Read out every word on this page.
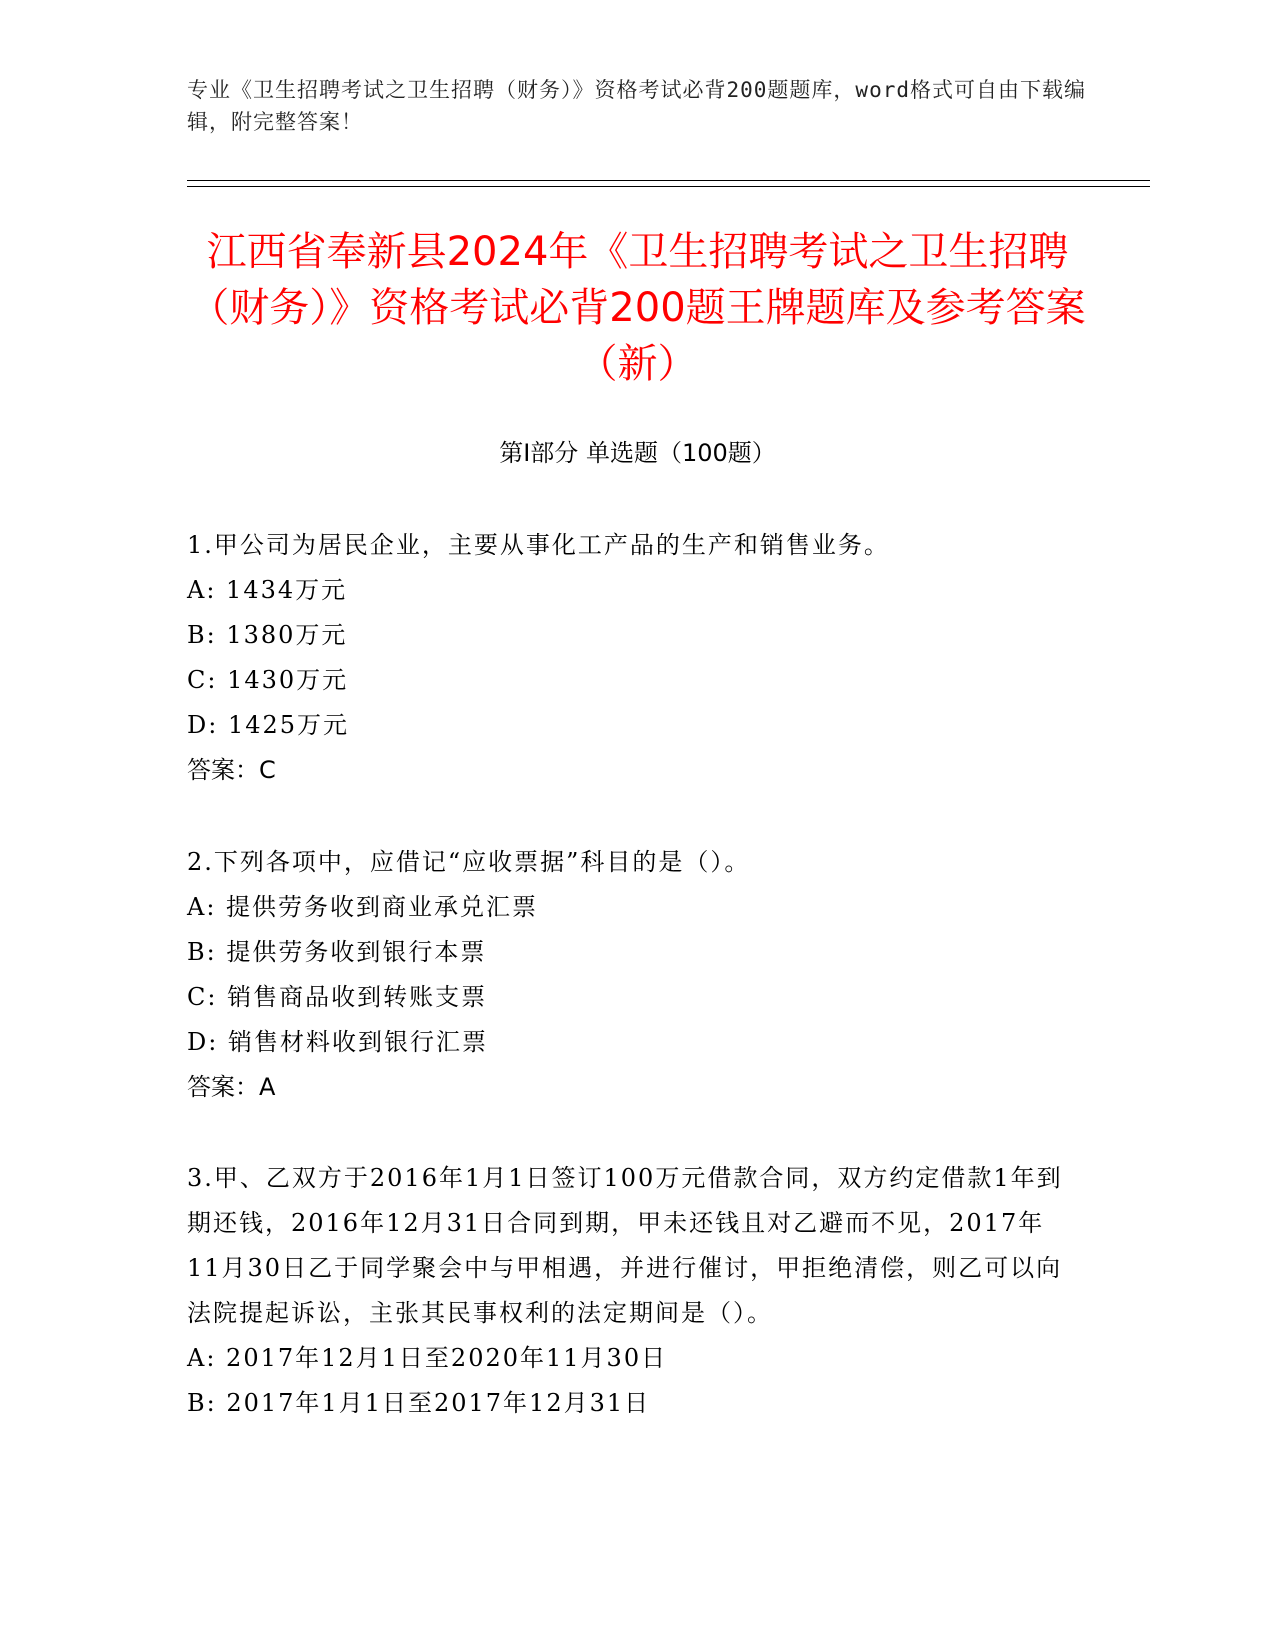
专业《卫生招聘考试之卫生招聘（财务）》资格考试必背200题题库，word格式可自由下载编辑，附完整答案！
江西省奉新县2024年《卫生招聘考试之卫生招聘（财务）》资格考试必背200题王牌题库及参考答案（新）
第Ⅰ部分 单选题（100题）

1.甲公司为居民企业，主要从事化工产品的生产和销售业务。

A: 1434万元

B: 1380万元

C: 1430万元

D: 1425万元

答案：C

2.下列各项中，应借记“应收票据”科目的是（）。

A: 提供劳务收到商业承兑汇票

B: 提供劳务收到银行本票

C: 销售商品收到转账支票

D: 销售材料收到银行汇票

答案：A

3.甲、乙双方于2016年1月1日签订100万元借款合同，双方约定借款1年到期还钱，2016年12月31日合同到期，甲未还钱且对乙避而不见，2017年11月30日乙于同学聚会中与甲相遇，并进行催讨，甲拒绝清偿，则乙可以向法院提起诉讼，主张其民事权利的法定期间是（）。

A: 2017年12月1日至2020年11月30日

B: 2017年1月1日至2017年12月31日
